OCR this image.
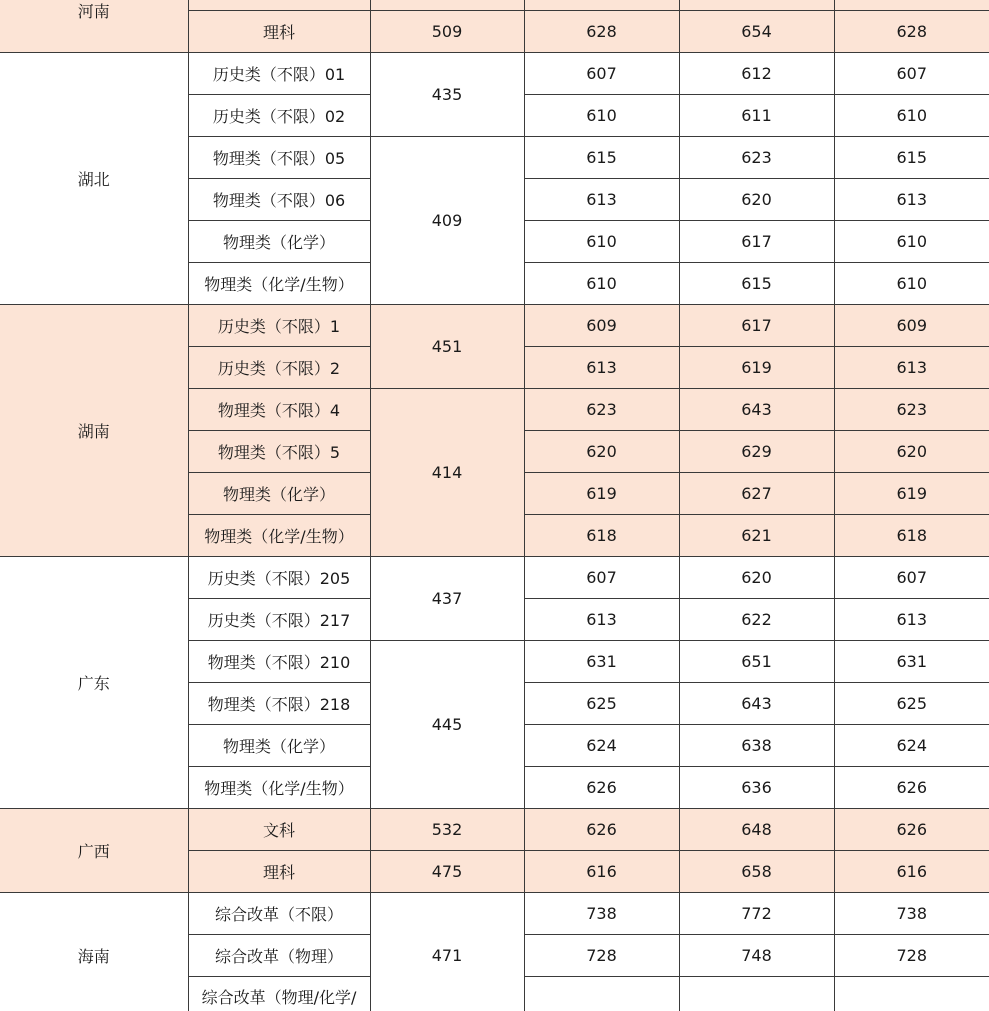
河南					
	理科	509	628	654	628
湖北	历史类（不限）01	435	607	612	607
	历史类（不限）02		610	611	610
	物理类（不限）05	409	615	623	615
	物理类（不限）06		613	620	613
	物理类（化学）		610	617	610
	物理类（化学/生物）		610	615	610
湖南	历史类（不限）1	451	609	617	609
	历史类（不限）2		613	619	613
	物理类（不限）4	414	623	643	623
	物理类（不限）5		620	629	620
	物理类（化学）		619	627	619
	物理类（化学/生物）		618	621	618
广东	历史类（不限）205	437	607	620	607
	历史类（不限）217		613	622	613
	物理类（不限）210	445	631	651	631
	物理类（不限）218		625	643	625
	物理类（化学）		624	638	624
	物理类（化学/生物）		626	636	626
广西	文科	532	626	648	626
	理科	475	616	658	616
海南	综合改革（不限）	471	738	772	738
	综合改革（物理）		728	748	728
	综合改革（物理/化学/				
